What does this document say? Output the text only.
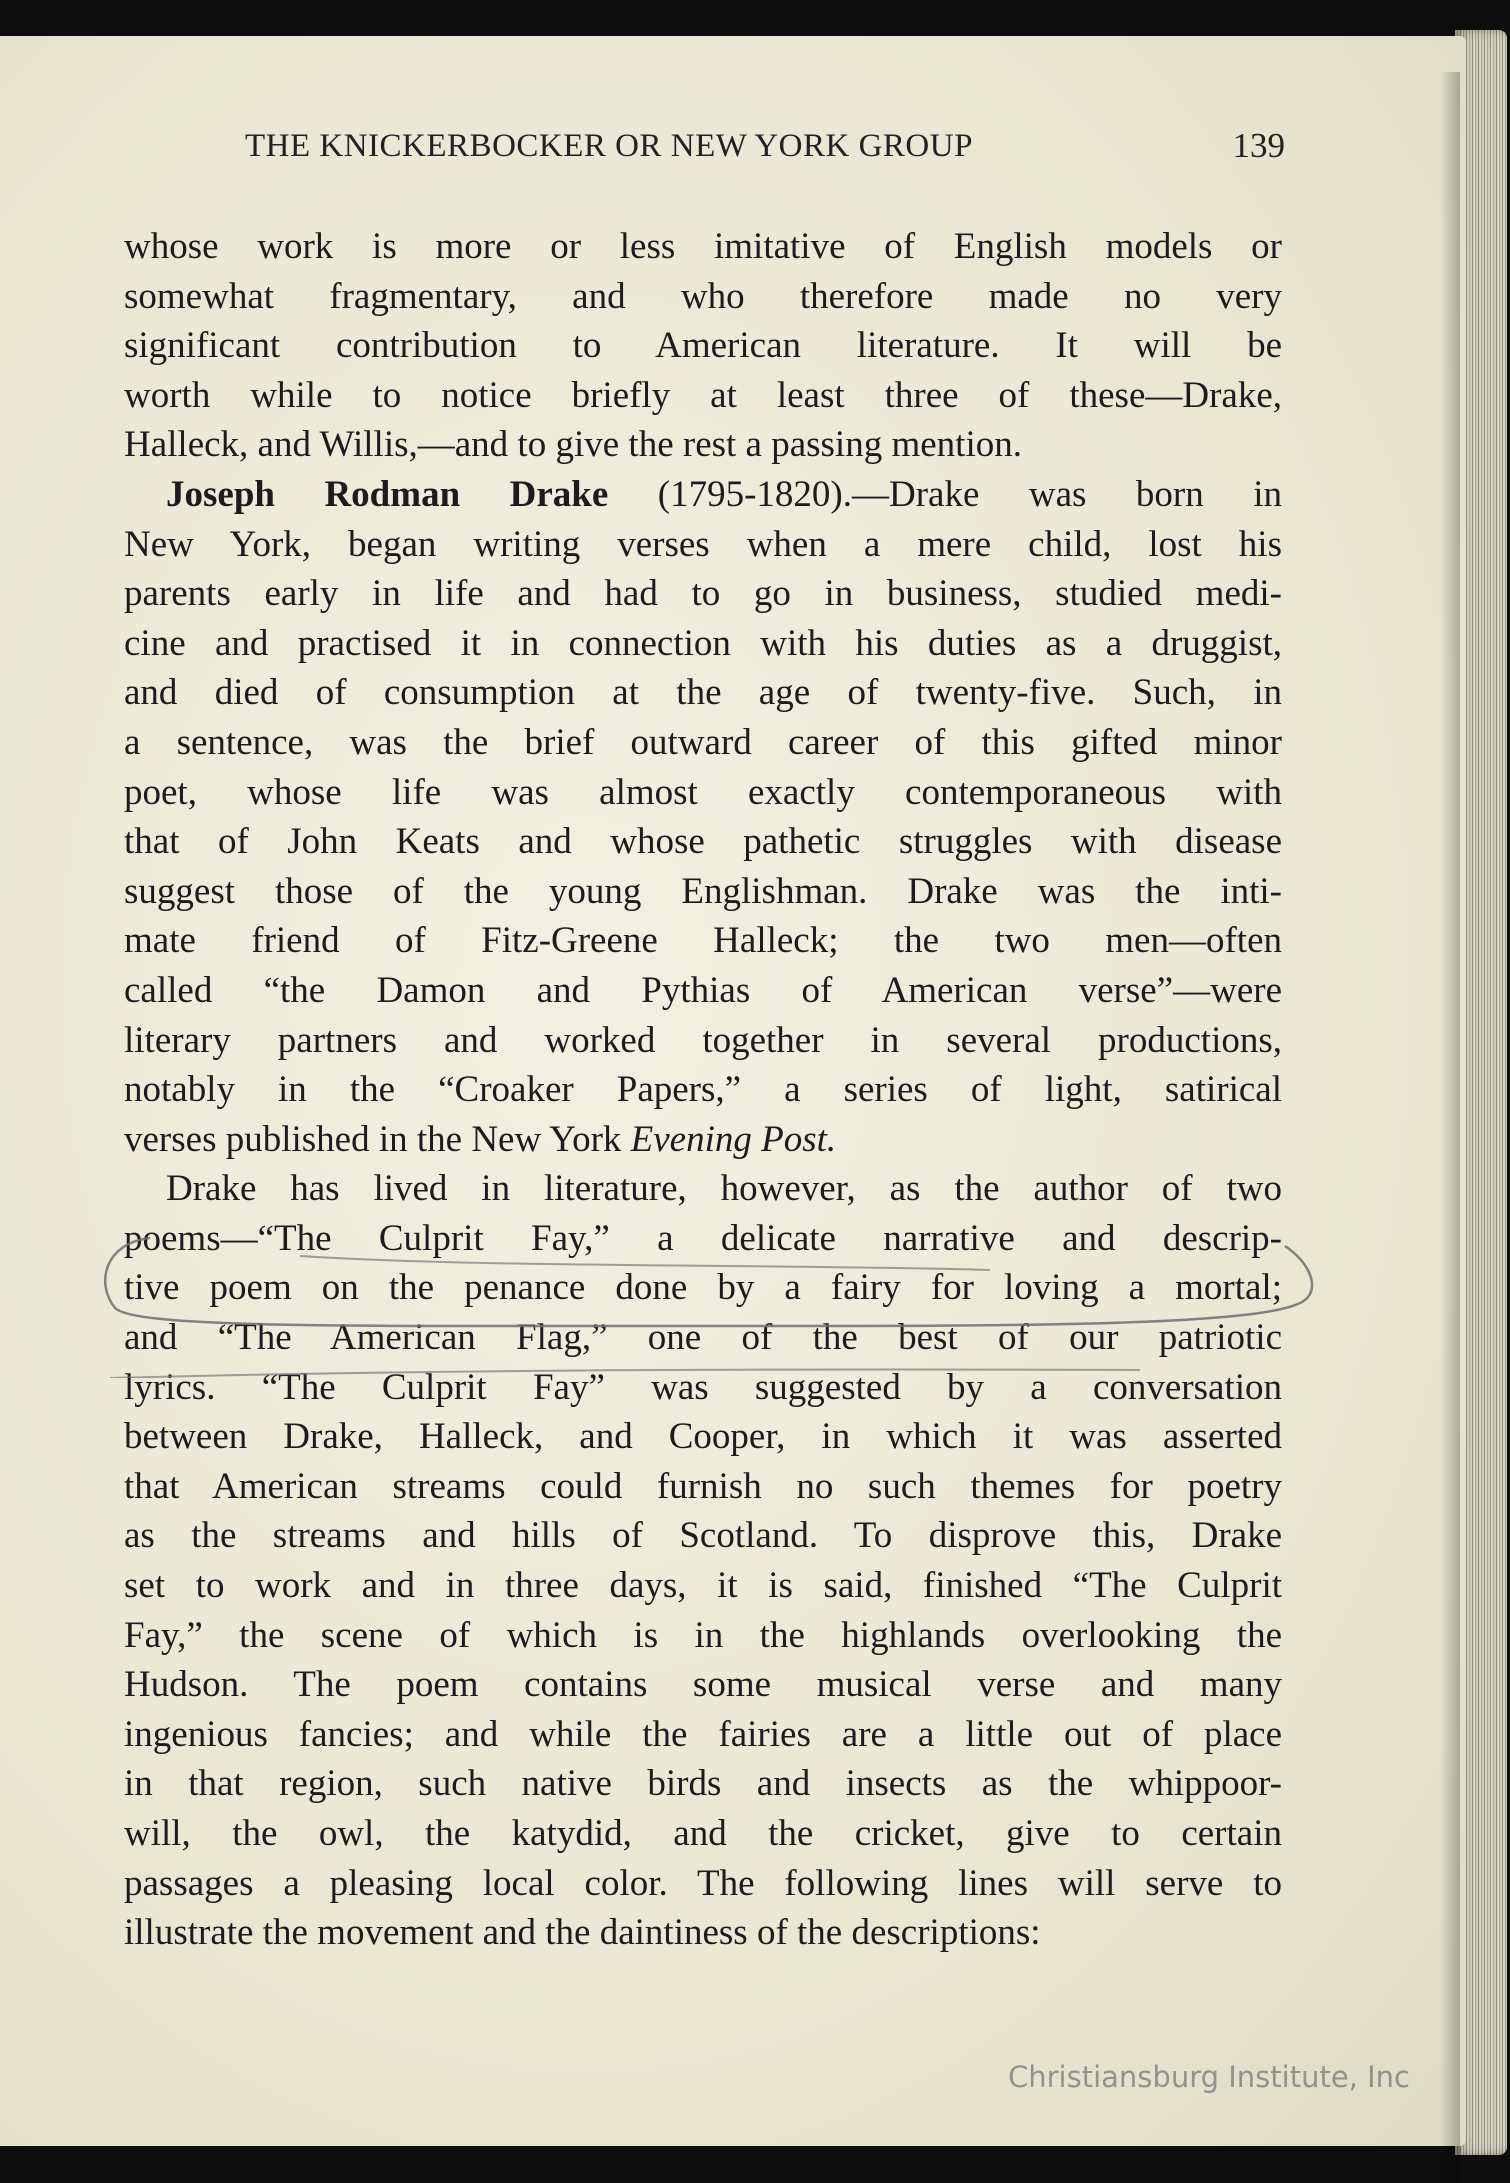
THE KNICKERBOCKER OR NEW YORK GROUP	139
whose work is more or less imitative of English models or
somewhat fragmentary, and who therefore made no very
significant contribution to American literature. It will be
worth while to notice briefly at least three of these—Drake,
Halleck, and Willis,—and to give the rest a passing mention.
Joseph Rodman Drake (1795-1820).—Drake was born in
New York, began writing verses when a mere child, lost his
parents early in life and had to go in business, studied medi-
cine and practised it in connection with his duties as a druggist,
and died of consumption at the age of twenty-five. Such, in
a sentence, was the brief outward career of this gifted minor
poet, whose life was almost exactly contemporaneous with
that of John Keats and whose pathetic struggles with disease
suggest those of the young Englishman. Drake was the inti-
mate friend of Fitz-Greene Halleck; the two men—often
called “the Damon and Pythias of American verse”—were
literary partners and worked together in several productions,
notably in the “Croaker Papers,” a series of light, satirical
verses published in the New York Evening Post.
Drake has lived in literature, however, as the author of two
poems—“The Culprit Fay,” a delicate narrative and descrip-
tive poem on the penance done by a fairy for loving a mortal;
and “The American Flag,” one of the best of our patriotic
lyrics. “The Culprit Fay” was suggested by a conversation
between Drake, Halleck, and Cooper, in which it was asserted
that American streams could furnish no such themes for poetry
as the streams and hills of Scotland. To disprove this, Drake
set to work and in three days, it is said, finished “The Culprit
Fay,” the scene of which is in the highlands overlooking the
Hudson. The poem contains some musical verse and many
ingenious fancies; and while the fairies are a little out of place
in that region, such native birds and insects as the whippoor-
will, the owl, the katydid, and the cricket, give to certain
passages a pleasing local color. The following lines will serve to
illustrate the movement and the daintiness of the descriptions:
Christiansburg Institute, Inc
